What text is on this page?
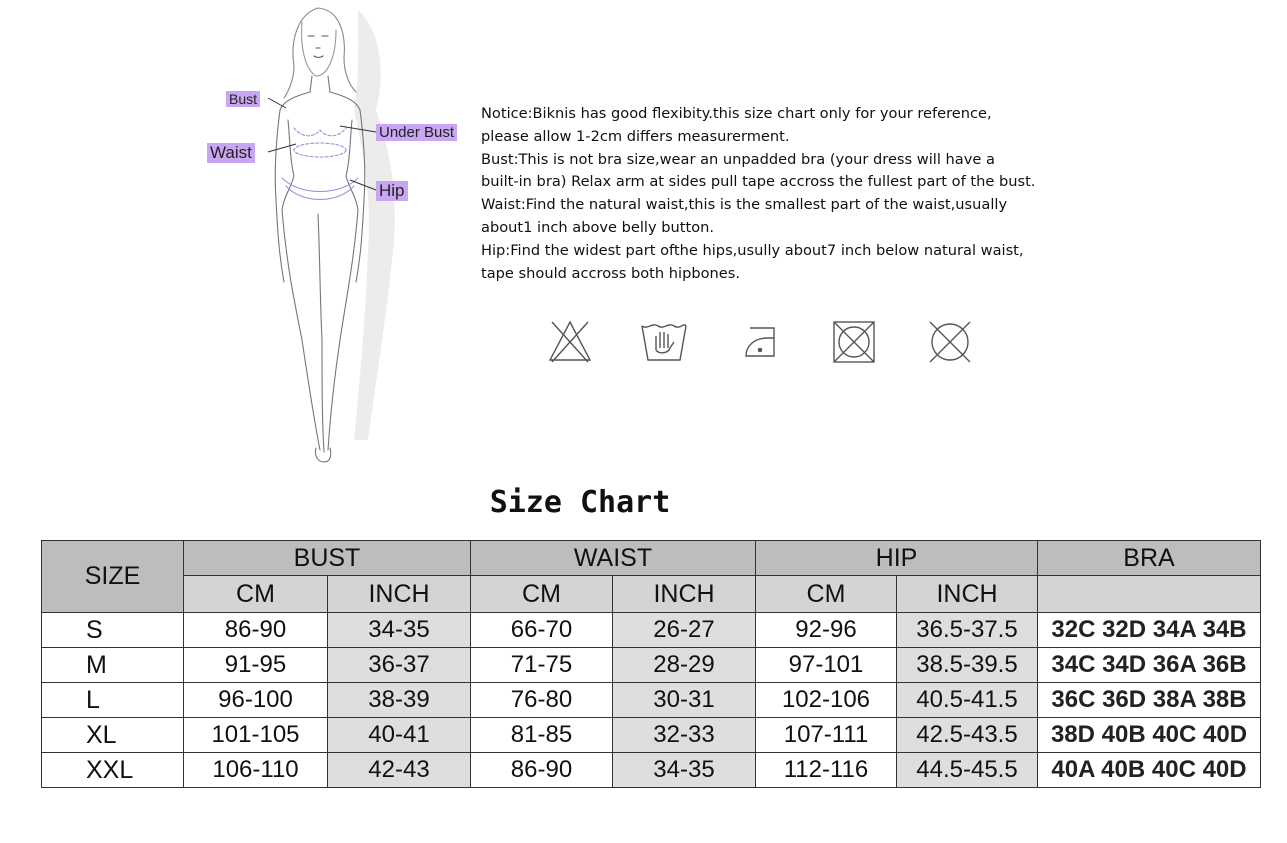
Bust
Under Bust
Waist
Hip

Notice:Biknis has good flexibity.this size chart only for your reference,

please allow 1-2cm differs measurerment.

Bust:This is not bra size,wear an unpadded bra (your dress will have a

built-in bra) Relax arm at sides pull tape accross the fullest part of the bust.

Waist:Find the natural waist,this is the smallest part of the waist,usually

about1 inch above belly button.

Hip:Find the widest part ofthe hips,usully about7 inch below natural waist,

tape should accross both hipbones.

Size Chart
SIZE	BUST		WAIST		HIP		BRA
	CM	INCH	CM	INCH	CM	INCH	
S	86-90	34-35	66-70	26-27	92-96	36.5-37.5	32C 32D 34A 34B
M	91-95	36-37	71-75	28-29	97-101	38.5-39.5	34C 34D 36A 36B
L	96-100	38-39	76-80	30-31	102-106	40.5-41.5	36C 36D 38A 38B
XL	101-105	40-41	81-85	32-33	107-111	42.5-43.5	38D 40B 40C 40D
XXL	106-110	42-43	86-90	34-35	112-116	44.5-45.5	40A 40B 40C 40D
